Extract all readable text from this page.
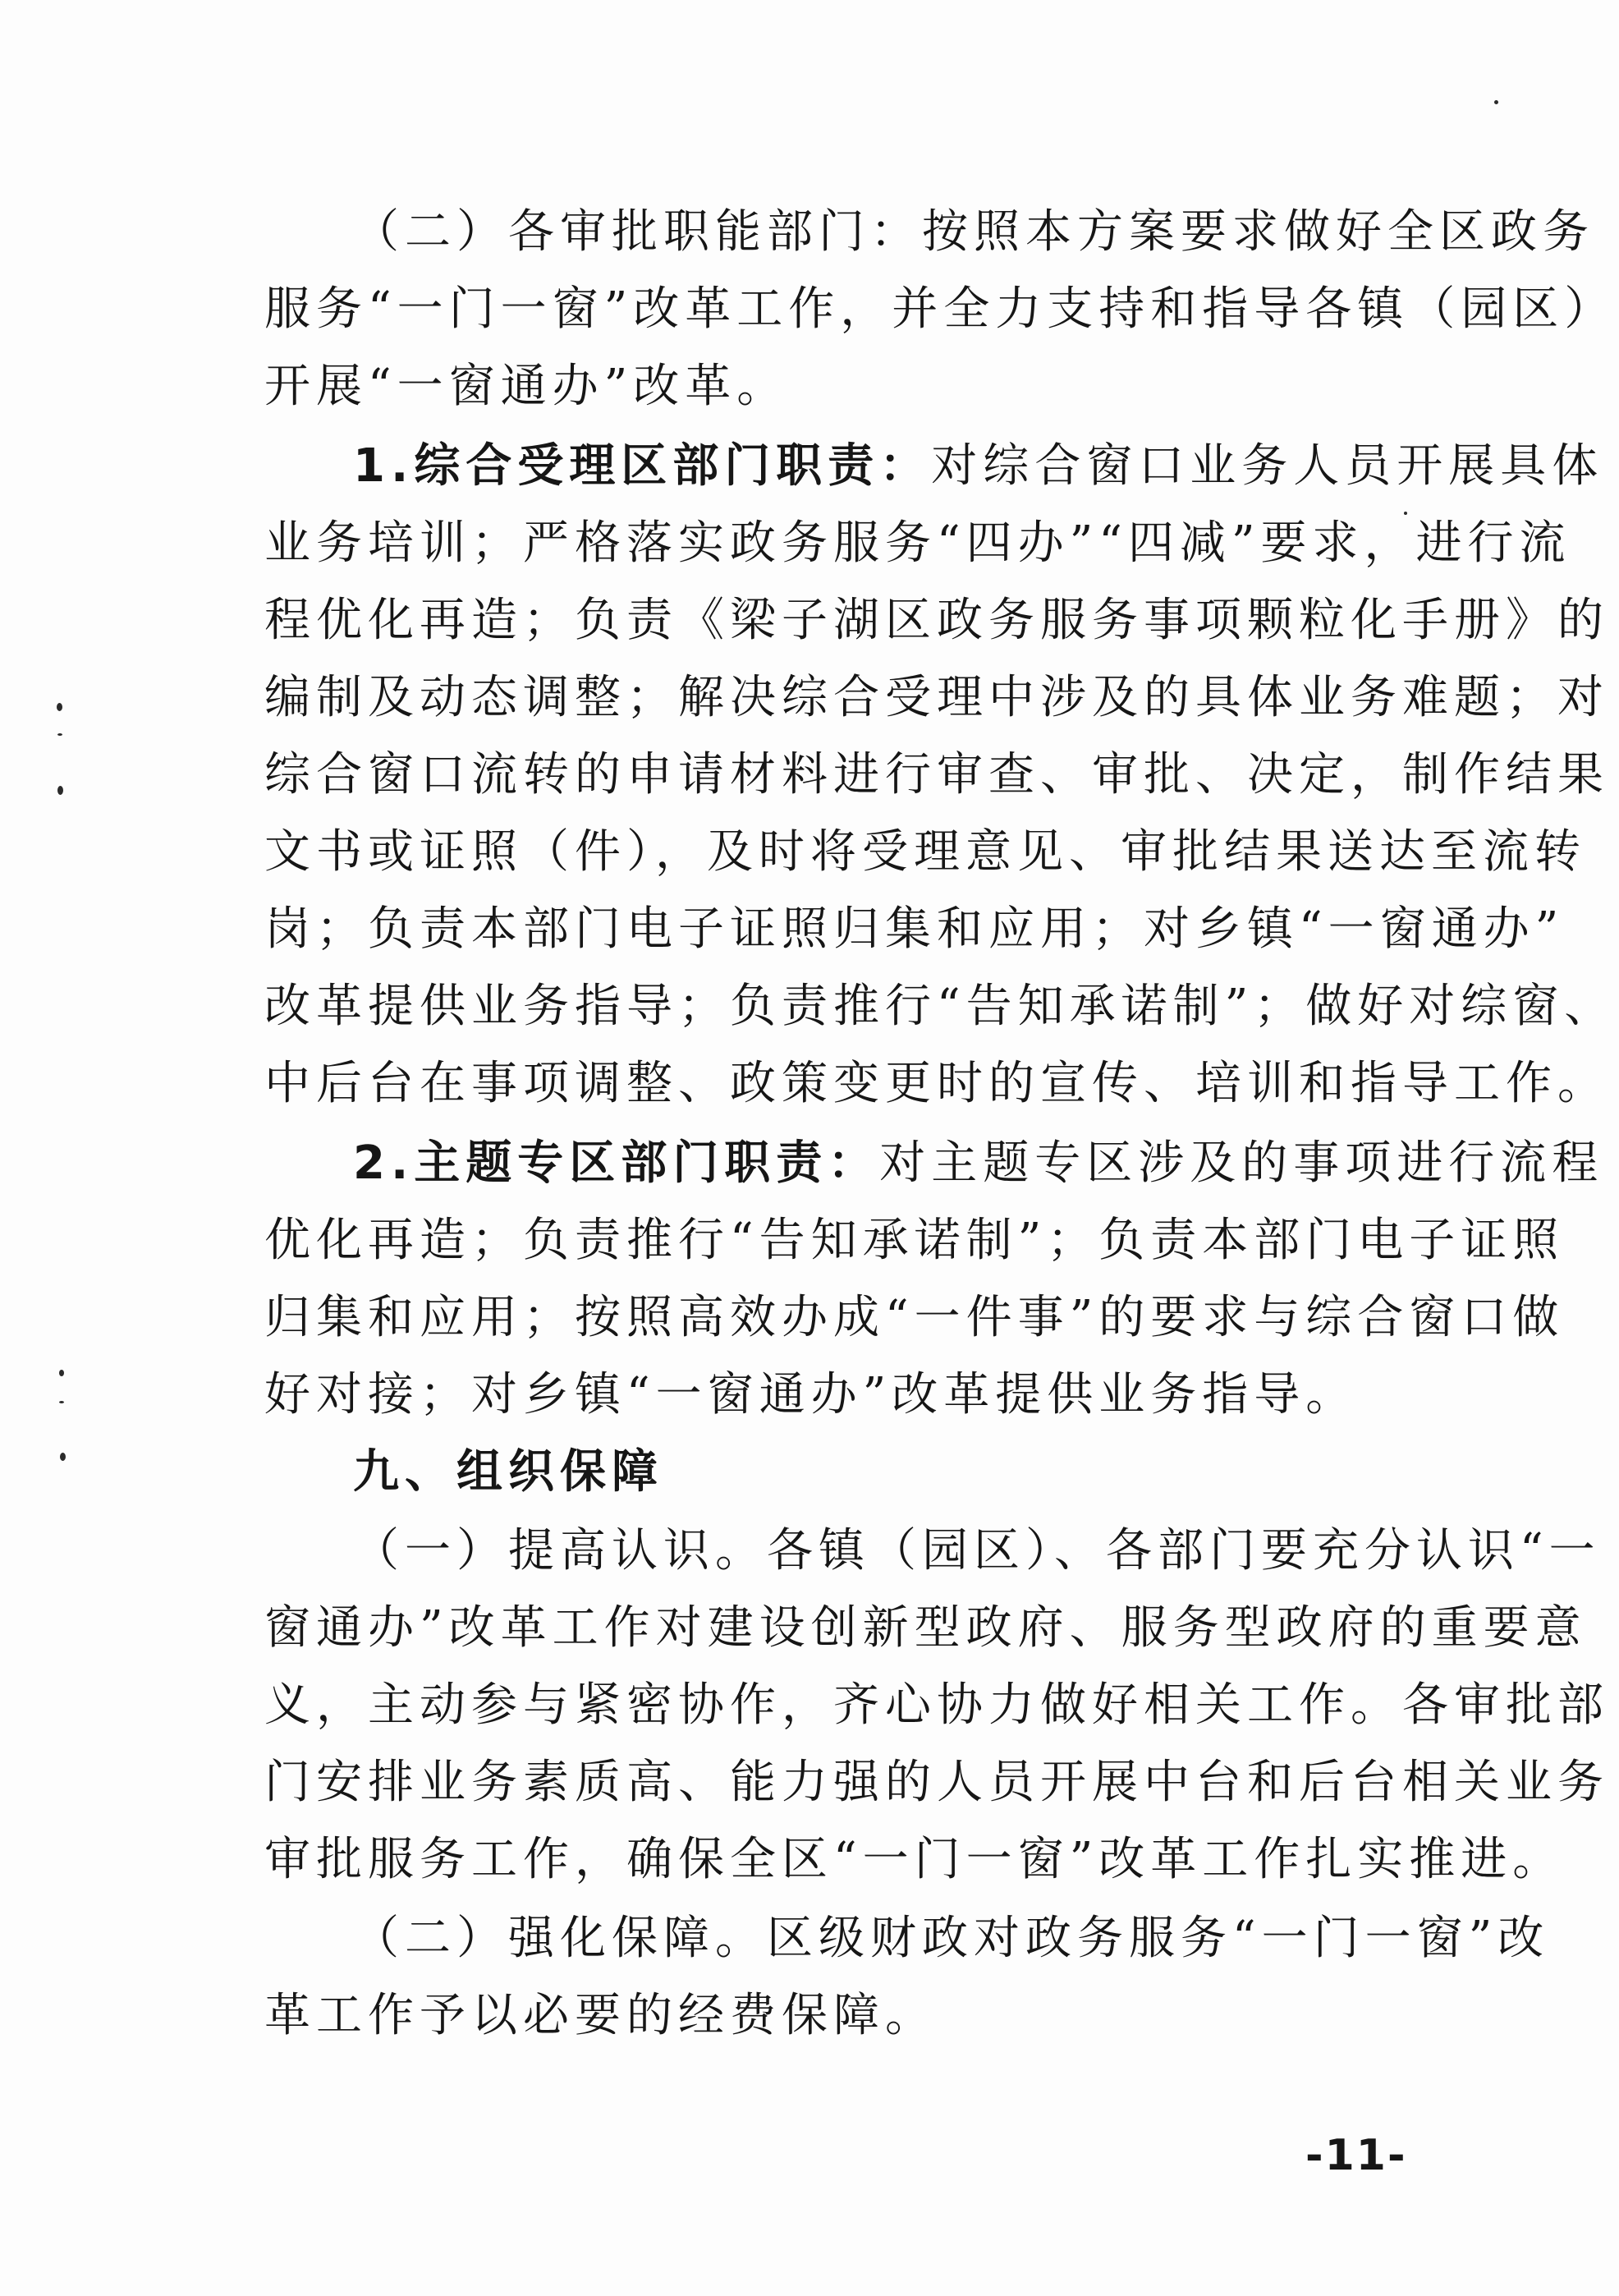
（二）各审批职能部门：按照本方案要求做好全区政务
服务“一门一窗”改革工作，并全力支持和指导各镇（园区）
开展“一窗通办”改革。
1.综合受理区部门职责：对综合窗口业务人员开展具体
业务培训；严格落实政务服务“四办”“四减”要求，进行流
程优化再造；负责《梁子湖区政务服务事项颗粒化手册》的
编制及动态调整；解决综合受理中涉及的具体业务难题；对
综合窗口流转的申请材料进行审查、审批、决定，制作结果
文书或证照（件），及时将受理意见、审批结果送达至流转
岗；负责本部门电子证照归集和应用；对乡镇“一窗通办”
改革提供业务指导；负责推行“告知承诺制”；做好对综窗、
中后台在事项调整、政策变更时的宣传、培训和指导工作。
2.主题专区部门职责：对主题专区涉及的事项进行流程
优化再造；负责推行“告知承诺制”；负责本部门电子证照
归集和应用；按照高效办成“一件事”的要求与综合窗口做
好对接；对乡镇“一窗通办”改革提供业务指导。
九、组织保障
（一）提高认识。各镇（园区）、各部门要充分认识“一
窗通办”改革工作对建设创新型政府、服务型政府的重要意
义，主动参与紧密协作，齐心协力做好相关工作。各审批部
门安排业务素质高、能力强的人员开展中台和后台相关业务
审批服务工作，确保全区“一门一窗”改革工作扎实推进。
（二）强化保障。区级财政对政务服务“一门一窗”改
革工作予以必要的经费保障。
-11-
